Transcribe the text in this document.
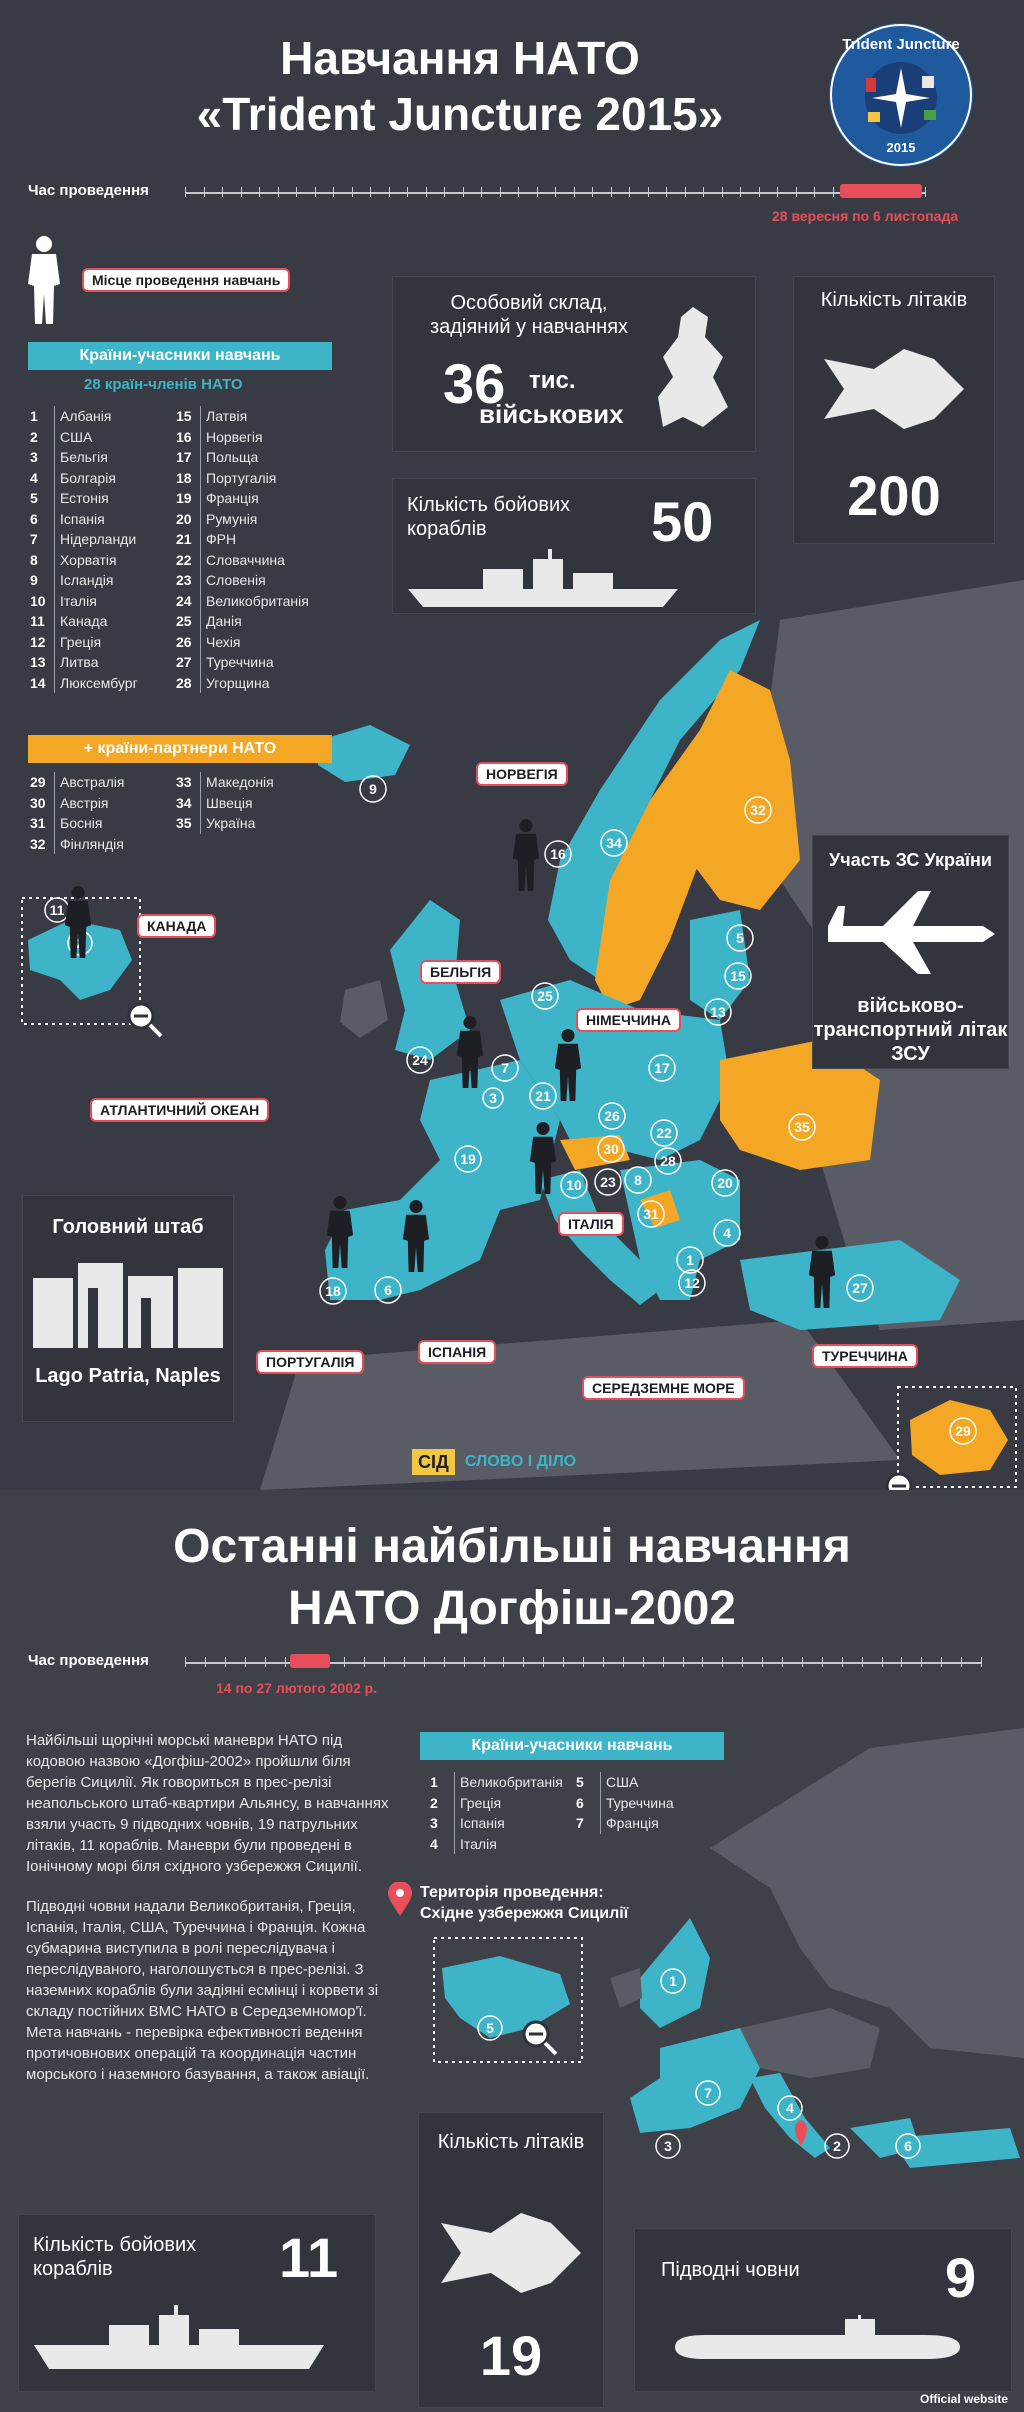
Навчання НАТО
«Trident Juncture 2015»
Trident Juncture
2015
Час проведення
28 вересня по 6 листопада
9
16
34
32
5
15
13
25
24	7	17
21
26
35
22
19
30
28
20
23
10	8
31
4
1
12	27
18	6
3
11
29
Місце проведення навчань
Країни-учасники навчань
28 країн-членів НАТО
1	Албанія
2	США
3	Бельгія
4	Болгарія
5	Естонія
6	Іспанія
7	Нідерланди
8	Хорватія
9	Ісландія
10	Італія
11	Канада
12	Греція
13	Литва
14	Люксембург
15	Латвія
16	Норвегія
17	Польща
18	Португалія
19	Франція
20	Румунія
21	ФРН
22	Словаччина
23	Словенія
24	Великобританія
25	Данія
26	Чехія
27	Туреччина
28	Угорщина
+ країни-партнери НАТО
29	Австралія
30	Австрія
31	Боснія
32	Фінляндія
33	Македонія
34	Швеція
35	Україна
Особовий склад, задіяний у навчаннях
36 тис.
військових
Кількість літаків
200
Кількість бойових кораблів	50
Участь ЗС України
військово-транспортний літак ЗСУ
Головний штаб
Lago Patria, Naples
НОРВЕГІЯ
КАНАДА
БЕЛЬГІЯ
НІМЕЧЧИНА
АТЛАНТИЧНИЙ ОКЕАН
ІТАЛІЯ
ПОРТУГАЛІЯ
ІСПАНІЯ	ТУРЕЧЧИНА
СЕРЕДЗЕМНЕ МОРЕ
СІД	СЛОВО І ДІЛО
Останні найбільші навчання
НАТО Догфіш-2002
Час проведення
14 по 27 лютого 2002 р.
Найбільші щорічні морські маневри НАТО під кодовою назвою «Догфіш-2002» пройшли біля берегів Сицилії. Як говориться в прес-релізі неапольського штаб-квартири Альянсу, в навчаннях взяли участь 9 підводних човнів, 19 патрульних літаків, 11 кораблів. Маневри були проведені в Іонічному морі біля східного узбережжя Сицилії.
Підводні човни надали Великобританія, Греція, Іспанія, Італія, США, Туреччина і Франція. Кожна субмарина виступила в ролі переслідувача і переслідуваного, наголошується в прес-релізі. З наземних кораблів були задіяні есмінці і корвети зі складу постійних ВМС НАТО в Середземномор'ї. Мета навчань - перевірка ефективності ведення протичовнових операцій та координація частин морського і наземного базування, а також авіації.
1
7
4
3	2	6
5
Країни-учасники навчань
1	Великобританія
2	Греція
3	Іспанія
4	Італія
5	США
6	Туреччина
7	Франція
Територія проведення:
Східне узбережжя Сицилії
Кількість літаків
19
Кількість бойових кораблів	11	Підводні човни	9
Official website
